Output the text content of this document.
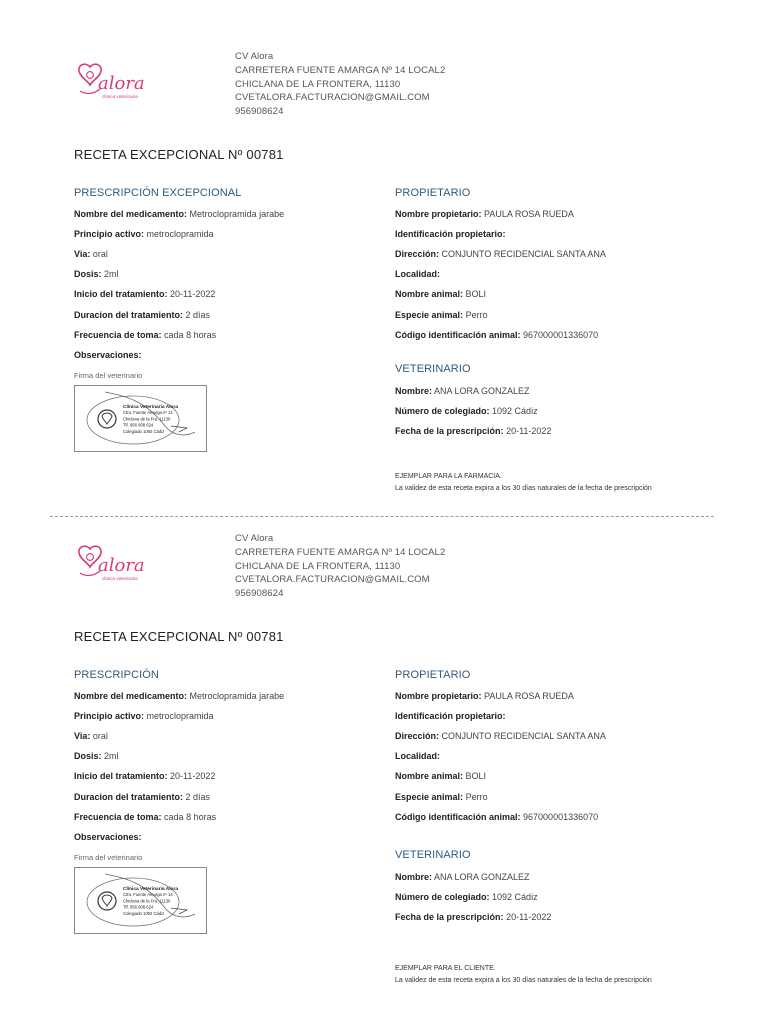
alora
clínica veterinaria
CV Alora
CARRETERA FUENTE AMARGA Nº 14 LOCAL2
CHICLANA DE LA FRONTERA, 11130
CVETALORA.FACTURACION@GMAIL.COM
956908624
RECETA EXCEPCIONAL Nº 00781
PRESCRIPCIÓN EXCEPCIONAL
Nombre del medicamento: Metroclopramida jarabe
Principio activo: metroclopramida
Via: oral
Dosis: 2ml
Inicio del tratamiento: 20-11-2022
Duracion del tratamiento: 2 días
Frecuencia de toma: cada 8 horas
Observaciones:
Firma del veterinario
Clínica Veterinaria Alora
Ctra. Fuente Amarga nº 14
Chiclana de la Fra. 11130
Tlf. 956 908 624
Colegiado 1092 Cádiz
PROPIETARIO
Nombre propietario: PAULA ROSA RUEDA
Identificación propietario:
Dirección: CONJUNTO RECIDENCIAL SANTA ANA
Localidad:
Nombre animal: BOLI
Especie animal: Perro
Código identificación animal: 967000001336070
VETERINARIO
Nombre: ANA LORA GONZALEZ
Número de colegiado: 1092 Cádiz
Fecha de la prescripción: 20-11-2022
EJEMPLAR PARA LA FARMACIA.
La validez de esta receta expira a los 30 días naturales de la fecha de prescripción
alora
clínica veterinaria
CV Alora
CARRETERA FUENTE AMARGA Nº 14 LOCAL2
CHICLANA DE LA FRONTERA, 11130
CVETALORA.FACTURACION@GMAIL.COM
956908624
RECETA EXCEPCIONAL Nº 00781
PRESCRIPCIÓN
Nombre del medicamento: Metroclopramida jarabe
Principio activo: metroclopramida
Via: oral
Dosis: 2ml
Inicio del tratamiento: 20-11-2022
Duracion del tratamiento: 2 días
Frecuencia de toma: cada 8 horas
Observaciones:
Firma del veterinario
Clínica Veterinaria Alora
Ctra. Fuente Amarga nº 14
Chiclana de la Fra. 11130
Tlf. 956 908 624
Colegiado 1092 Cádiz
PROPIETARIO
Nombre propietario: PAULA ROSA RUEDA
Identificación propietario:
Dirección: CONJUNTO RECIDENCIAL SANTA ANA
Localidad:
Nombre animal: BOLI
Especie animal: Perro
Código identificación animal: 967000001336070
VETERINARIO
Nombre: ANA LORA GONZALEZ
Número de colegiado: 1092 Cádiz
Fecha de la prescripción: 20-11-2022
EJEMPLAR PARA EL CLIENTE.
La validez de esta receta expira a los 30 días naturales de la fecha de prescripción
